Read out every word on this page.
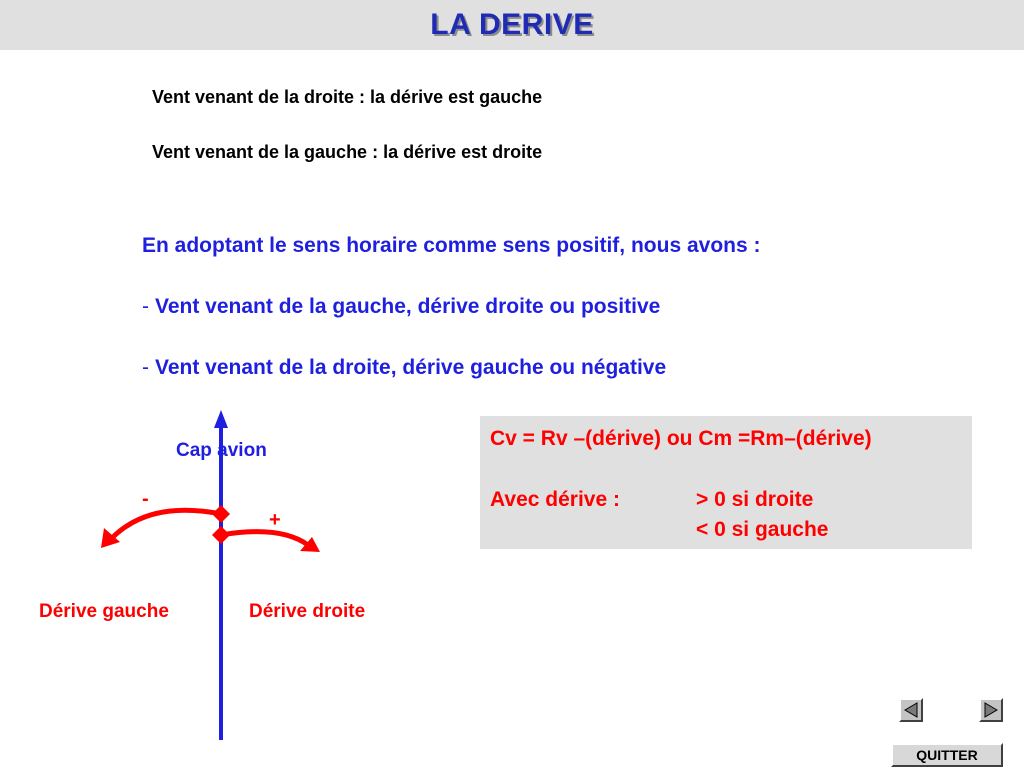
LA DERIVE
Vent venant de la droite : la dérive est gauche
Vent venant de la gauche : la dérive est droite
En adoptant le sens horaire comme sens positif, nous avons :
- Vent venant de la gauche, dérive droite ou positive
- Vent venant de la droite, dérive gauche ou négative
Cap avion
-
+
Dérive gauche	Dérive droite
Cv = Rv –(dérive) ou Cm =Rm–(dérive)
Avec dérive :	> 0 si droite
< 0 si gauche
QUITTER
